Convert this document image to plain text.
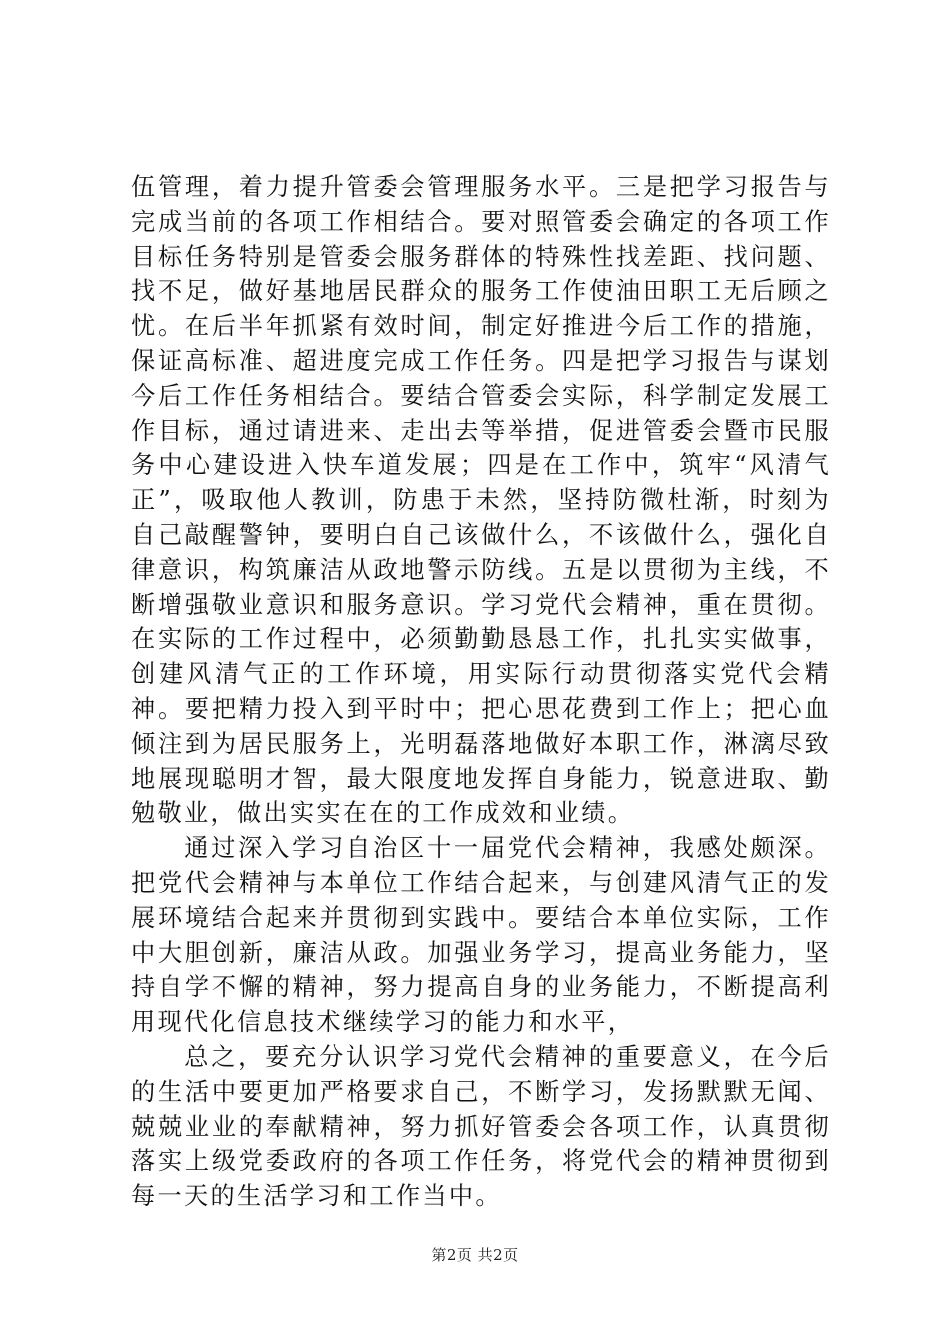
伍管理，着力提升管委会管理服务水平。三是把学习报告与完成当前的各项工作相结合。要对照管委会确定的各项工作目标任务特别是管委会服务群体的特殊性找差距、找问题、找不足，做好基地居民群众的服务工作使油田职工无后顾之忧。在后半年抓紧有效时间，制定好推进今后工作的措施，保证高标准、超进度完成工作任务。四是把学习报告与谋划今后工作任务相结合。要结合管委会实际，科学制定发展工作目标，通过请进来、走出去等举措，促进管委会暨市民服务中心建设进入快车道发展；四是在工作中，筑牢“风清气正”，吸取他人教训，防患于未然，坚持防微杜渐，时刻为自己敲醒警钟，要明白自己该做什么，不该做什么，强化自律意识，构筑廉洁从政地警示防线。五是以贯彻为主线，不断增强敬业意识和服务意识。学习党代会精神，重在贯彻。在实际的工作过程中，必须勤勤恳恳工作，扎扎实实做事，创建风清气正的工作环境，用实际行动贯彻落实党代会精神。要把精力投入到平时中；把心思花费到工作上；把心血倾注到为居民服务上，光明磊落地做好本职工作，淋漓尽致地展现聪明才智，最大限度地发挥自身能力，锐意进取、勤勉敬业，做出实实在在的工作成效和业绩。

通过深入学习自治区十一届党代会精神，我感处颇深。把党代会精神与本单位工作结合起来，与创建风清气正的发展环境结合起来并贯彻到实践中。要结合本单位实际，工作中大胆创新，廉洁从政。加强业务学习，提高业务能力，坚持自学不懈的精神，努力提高自身的业务能力，不断提高利用现代化信息技术继续学习的能力和水平，

总之，要充分认识学习党代会精神的重要意义，在今后的生活中要更加严格要求自己，不断学习，发扬默默无闻、兢兢业业的奉献精神，努力抓好管委会各项工作，认真贯彻落实上级党委政府的各项工作任务，将党代会的精神贯彻到每一天的生活学习和工作当中。

第2页 共2页
